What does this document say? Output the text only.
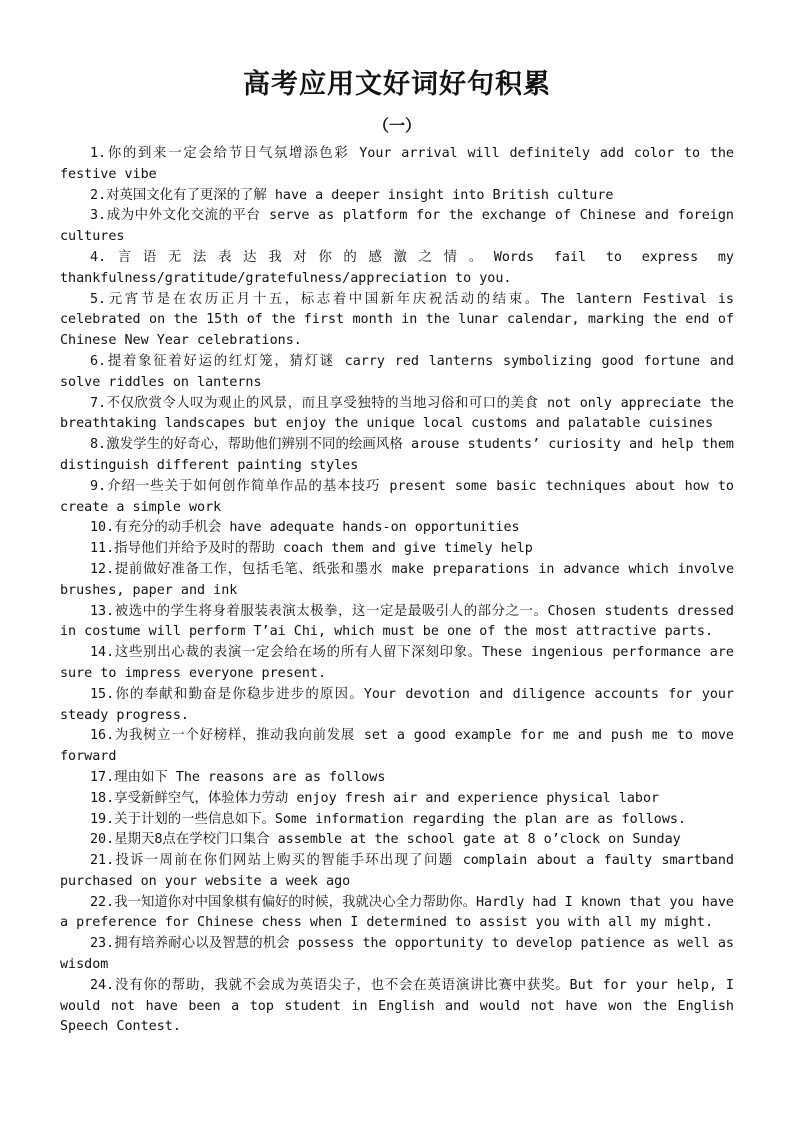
高考应用文好词好句积累
（一）
1.你的到来一定会给节日气氛增添色彩 Your arrival will definitely add color to the festive vibe
2.对英国文化有了更深的了解 have a deeper insight into British culture
3.成为中外文化交流的平台 serve as platform for the exchange of Chinese and foreign cultures
4.言语无法表达我对你的感激之情。Words fail to express my thankfulness/gratitude/gratefulness/appreciation to you.
5.元宵节是在农历正月十五，标志着中国新年庆祝活动的结束。The lantern Festival is celebrated on the 15th of the first month in the lunar calendar, marking the end of Chinese New Year celebrations.
6.提着象征着好运的红灯笼，猜灯谜 carry red lanterns symbolizing good fortune and solve riddles on lanterns
7.不仅欣赏令人叹为观止的风景，而且享受独特的当地习俗和可口的美食 not only appreciate the breathtaking landscapes but enjoy the unique local customs and palatable cuisines
8.激发学生的好奇心，帮助他们辨别不同的绘画风格 arouse students’ curiosity and help them distinguish different painting styles
9.介绍一些关于如何创作简单作品的基本技巧 present some basic techniques about how to create a simple work
10.有充分的动手机会 have adequate hands-on opportunities
11.指导他们并给予及时的帮助 coach them and give timely help
12.提前做好准备工作，包括毛笔、纸张和墨水 make preparations in advance which involve brushes, paper and ink
13.被选中的学生将身着服装表演太极拳，这一定是最吸引人的部分之一。Chosen students dressed in costume will perform T’ai Chi, which must be one of the most attractive parts.
14.这些别出心裁的表演一定会给在场的所有人留下深刻印象。These ingenious performance are sure to impress everyone present.
15.你的奉献和勤奋是你稳步进步的原因。Your devotion and diligence accounts for your steady progress.
16.为我树立一个好榜样，推动我向前发展 set a good example for me and push me to move forward
17.理由如下 The reasons are as follows
18.享受新鲜空气，体验体力劳动 enjoy fresh air and experience physical labor
19.关于计划的一些信息如下。Some information regarding the plan are as follows.
20.星期天8点在学校门口集合 assemble at the school gate at 8 o’clock on Sunday
21.投诉一周前在你们网站上购买的智能手环出现了问题 complain about a faulty smartband purchased on your website a week ago
22.我一知道你对中国象棋有偏好的时候，我就决心全力帮助你。Hardly had I known that you have a preference for Chinese chess when I determined to assist you with all my might.
23.拥有培养耐心以及智慧的机会 possess the opportunity to develop patience as well as wisdom
24.没有你的帮助，我就不会成为英语尖子，也不会在英语演讲比赛中获奖。But for your help, I would not have been a top student in English and would not have won the English Speech Contest.
